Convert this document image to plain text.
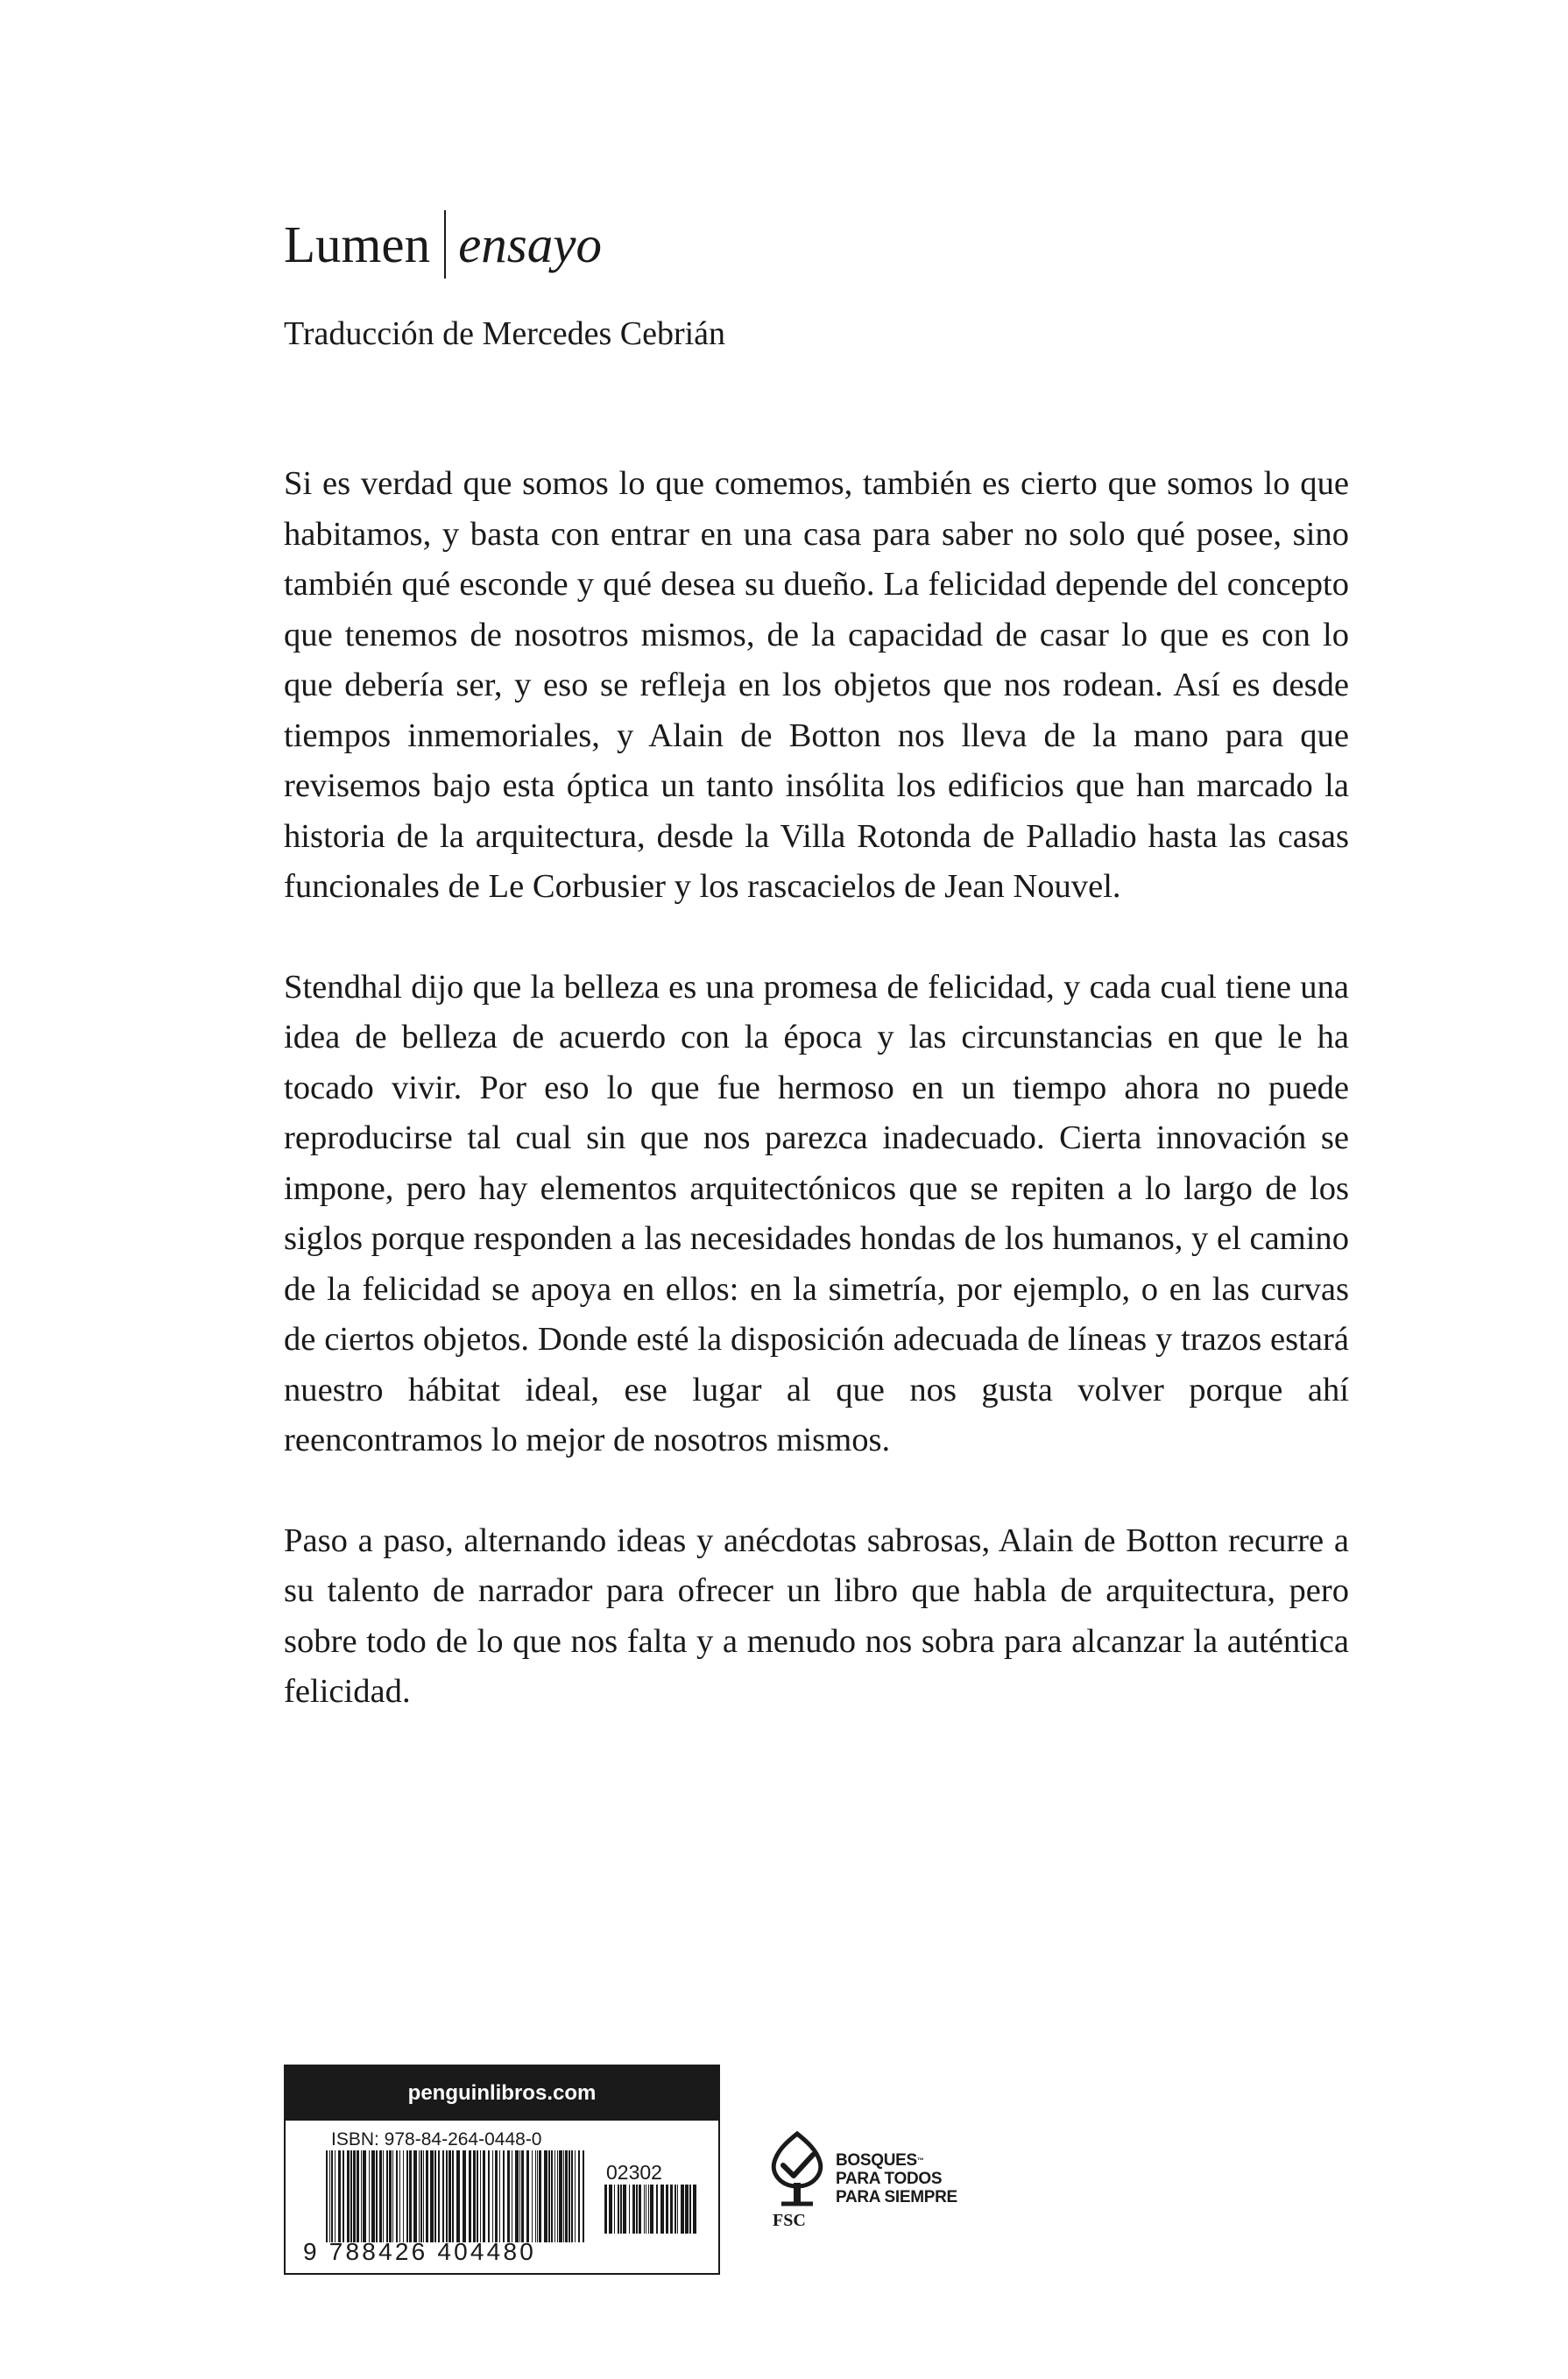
Lumen ensayo
Traducción de Mercedes Cebrián

Si es verdad que somos lo que comemos, también es cierto que somos lo que habitamos, y basta con entrar en una casa para saber no solo qué posee, sino también qué esconde y qué desea su dueño. La felicidad depende del concepto que tenemos de nosotros mismos, de la capacidad de casar lo que es con lo que debería ser, y eso se refleja en los objetos que nos rodean. Así es desde tiempos inmemoriales, y Alain de Botton nos lleva de la mano para que revisemos bajo esta óptica un tanto insólita los edificios que han marcado la historia de la arquitectura, desde la Villa Rotonda de Palladio hasta las casas funcionales de Le Corbusier y los rascacielos de Jean Nouvel.

Stendhal dijo que la belleza es una promesa de felicidad, y cada cual tiene una idea de belleza de acuerdo con la época y las circunstancias en que le ha tocado vivir. Por eso lo que fue hermoso en un tiempo ahora no puede reproducirse tal cual sin que nos parezca inadecuado. Cierta innovación se impone, pero hay elementos arquitectónicos que se repiten a lo largo de los siglos porque responden a las necesidades hondas de los humanos, y el camino de la felicidad se apoya en ellos: en la simetría, por ejemplo, o en las curvas de ciertos objetos. Donde esté la disposición adecuada de líneas y trazos estará nuestro hábitat ideal, ese lugar al que nos gusta volver porque ahí reencontramos lo mejor de nosotros mismos.

Paso a paso, alternando ideas y anécdotas sabrosas, Alain de Botton recurre a su talento de narrador para ofrecer un libro que habla de arquitectura, pero sobre todo de lo que nos falta y a menudo nos sobra para alcanzar la auténtica felicidad.

penguinlibros.com
ISBN: 978-84-264-0448-0
02302
9 788426 404480
FSC
BOSQUES™
PARA TODOS
PARA SIEMPRE
